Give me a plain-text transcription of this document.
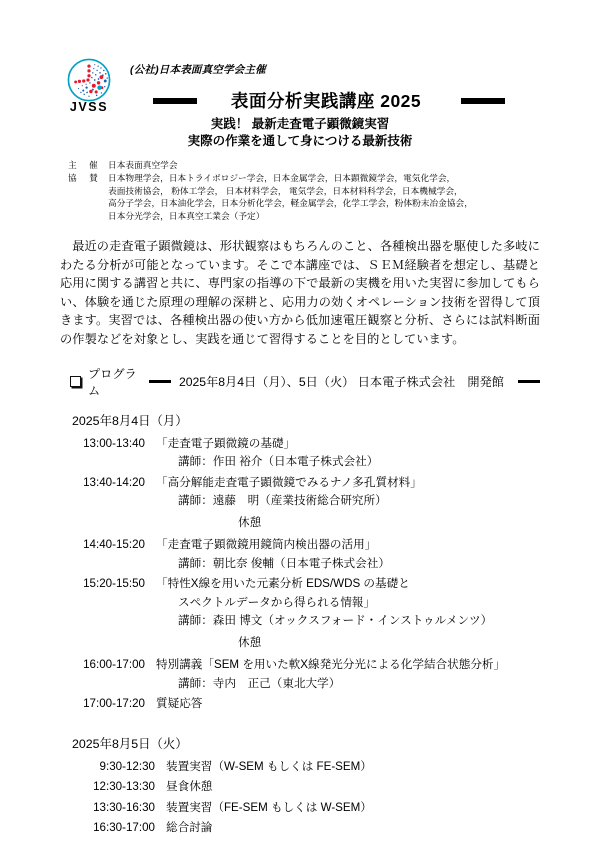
JVSS
(公社)日本表面真空学会主催
表面分析実践講座 2025
実践！ 最新走査電子顕微鏡実習
実際の作業を通して身につける最新技術
主 催 日本表面真空学会
協 賛 日本物理学会，日本トライボロジー学会，日本金属学会，日本顕微鏡学会，電気化学会，
表面技術協会， 粉体工学会， 日本材料学会， 電気学会，日本材料科学会，日本機械学会，
高分子学会，日本油化学会，日本分析化学会，軽金属学会，化学工学会，粉体粉末冶金協会，
日本分光学会，日本真空工業会（予定）

最近の走査電子顕微鏡は、形状観察はもちろんのこと、各種検出器を駆使した多岐にわたる分析が可能となっています。そこで本講座では、ＳＥＭ経験者を想定し、基礎と応用に関する講習と共に、専門家の指導の下で最新の実機を用いた実習に参加してもらい、体験を通じた原理の理解の深耕と、応用力の効くオペレーション技術を習得して頂きます。実習では、各種検出器の使い方から低加速電圧観察と分析、さらには試料断面の作製などを対象とし、実践を通じて習得することを目的としています。

プログラム
2025年8月4日（月）、5日（火） 日本電子株式会社　開発館
2025年8月4日（月）
13:00-13:40 「走査電子顕微鏡の基礎」
講師：作田 裕介（日本電子株式会社）
13:40-14:20 「高分解能走査電子顕微鏡でみるナノ多孔質材料」
講師：遠藤　明（産業技術総合研究所）
休憩
14:40-15:20 「走査電子顕微鏡用鏡筒内検出器の活用」
講師：朝比奈 俊輔（日本電子株式会社）
15:20-15:50 「特性X線を用いた元素分析 EDS/WDS の基礎と
スペクトルデータから得られる情報」
講師：森田 博文（オックスフォード・インストゥルメンツ）
休憩
16:00-17:00 特別講義「SEM を用いた軟X線発光分光による化学結合状態分析」
講師：寺内　正己（東北大学）
17:00-17:20 質疑応答
2025年8月5日（火）
9:30-12:30 装置実習（W-SEM もしくは FE-SEM）
12:30-13:30 昼食休憩
13:30-16:30 装置実習（FE-SEM もしくは W-SEM）
16:30-17:00 総合討論
